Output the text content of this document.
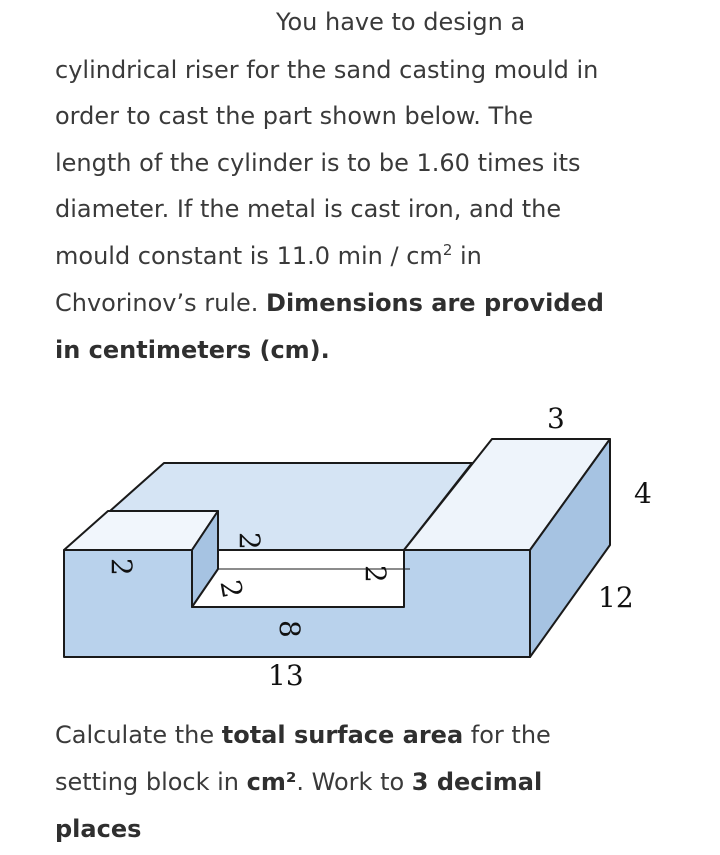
You have to design a
cylindrical riser for the sand casting mould in
order to cast the part shown below. The
length of the cylinder is to be 1.60 times its
diameter. If the metal is cast iron, and the
mould constant is 11.0 min / $cm^2$ in
Chvorinov’s rule. Dimensions are provided
in centimeters (cm).
3
4
12
2
2
2
2
8
13
Calculate the total surface area for the
setting block in cm². Work to 3 decimal
places
